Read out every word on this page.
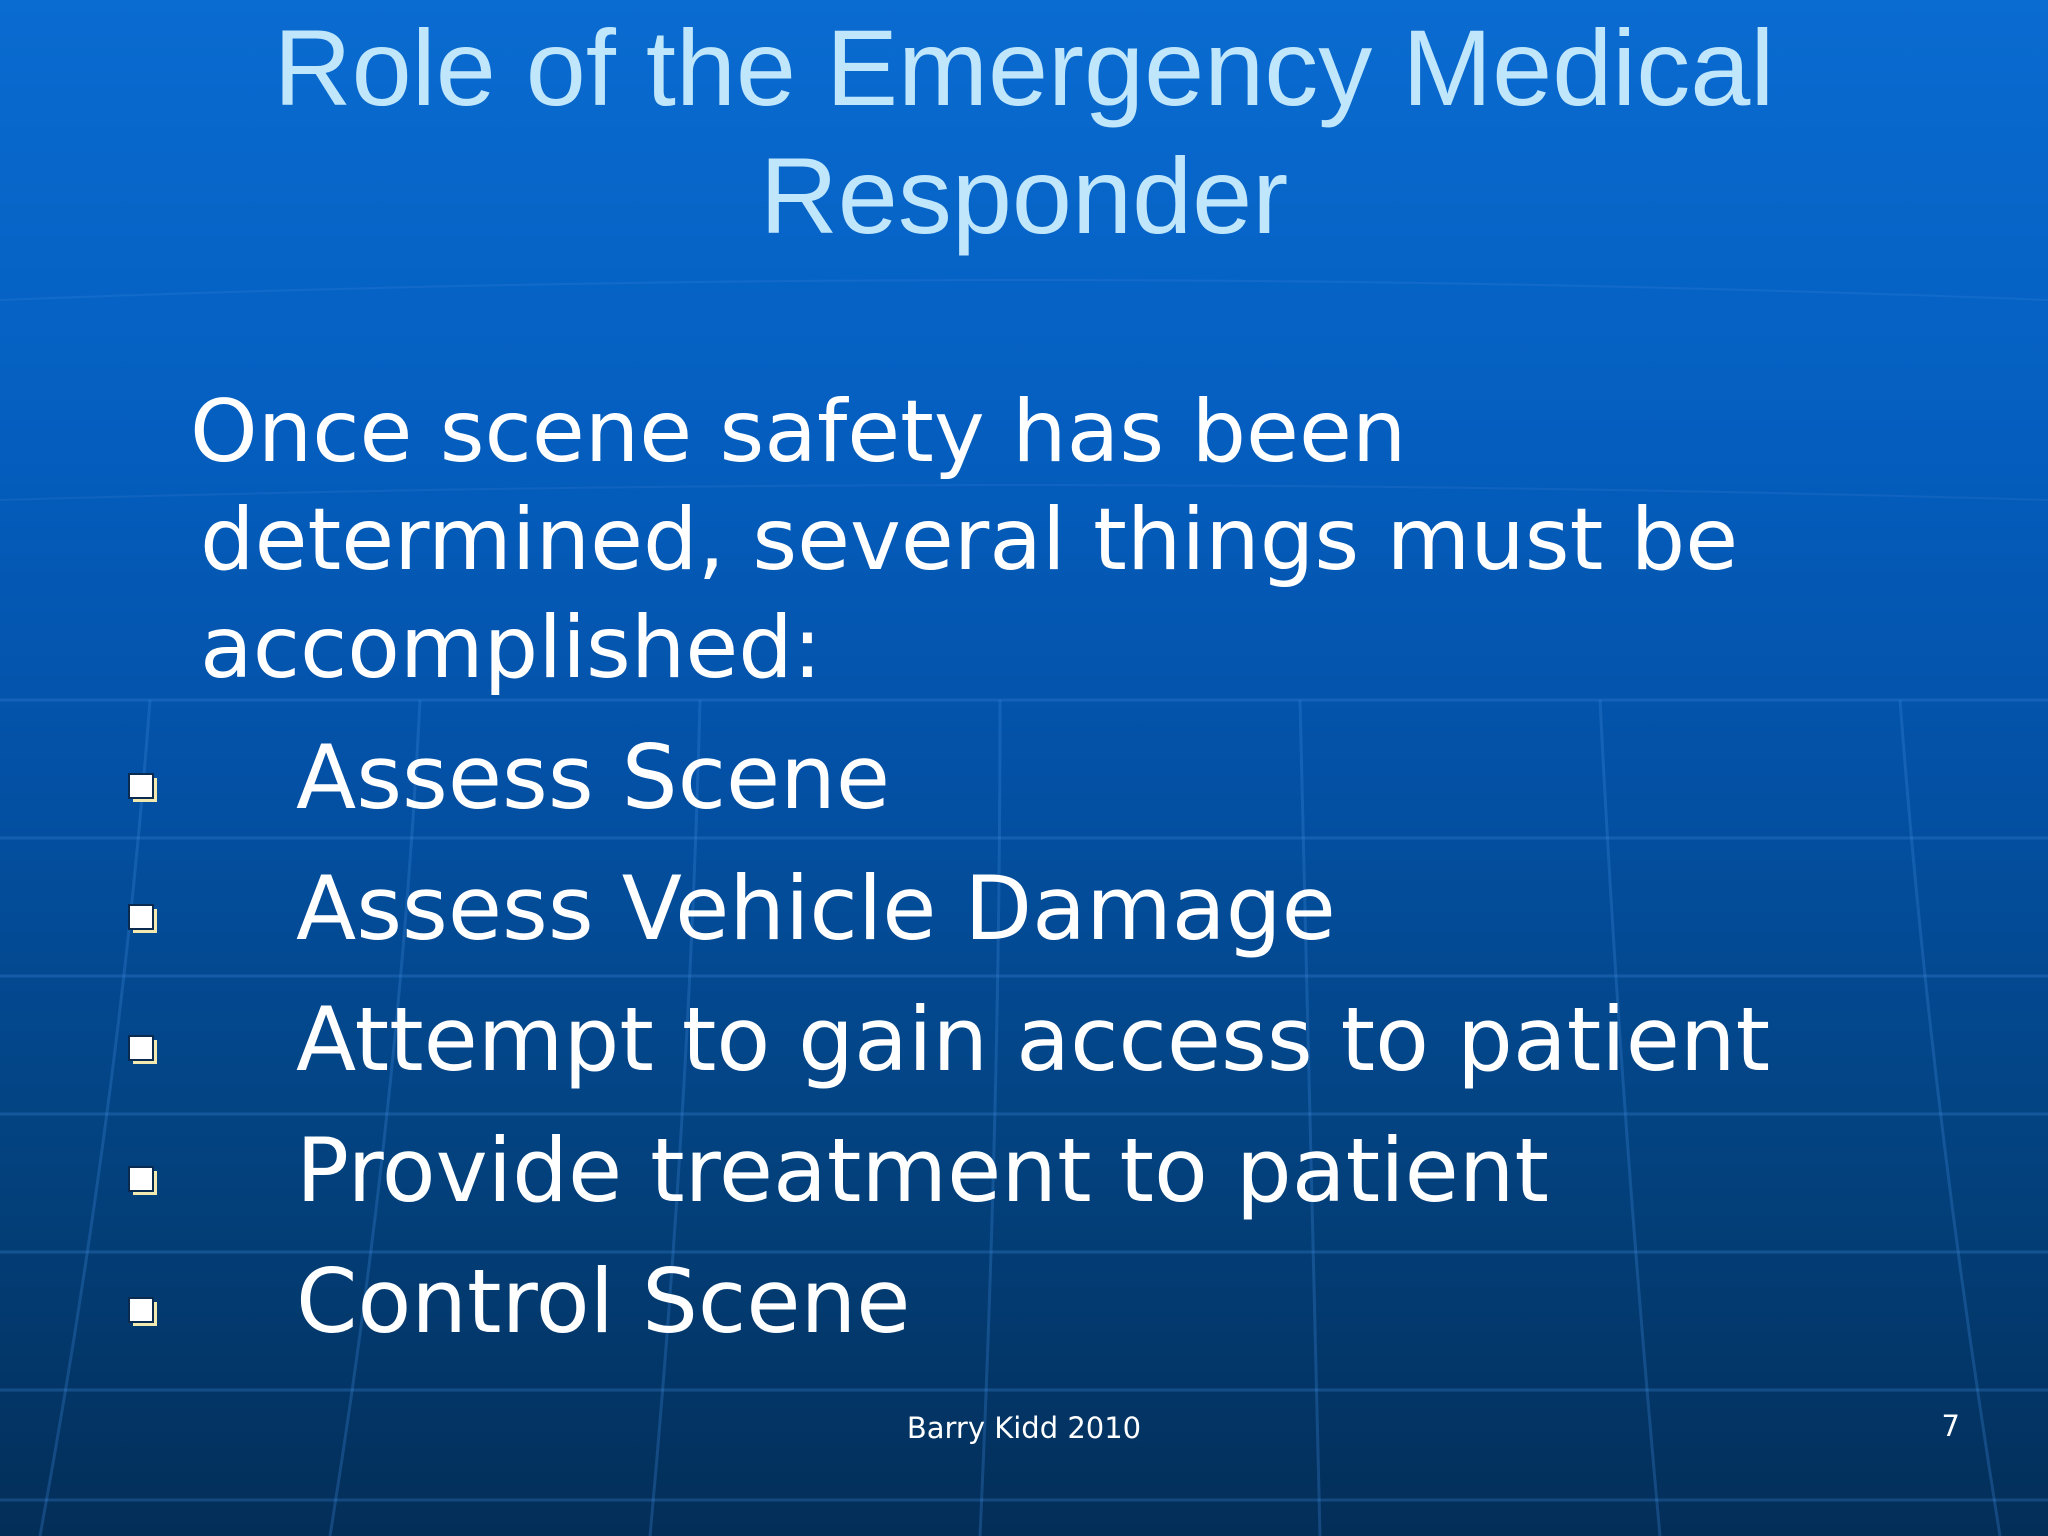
Role of the Emergency Medical
Responder

Once scene safety has been
determined, several things must be
accomplished:

Assess Scene
Assess Vehicle Damage
Attempt to gain access to patient
Provide treatment to patient
Control Scene
Barry Kidd 2010	7
